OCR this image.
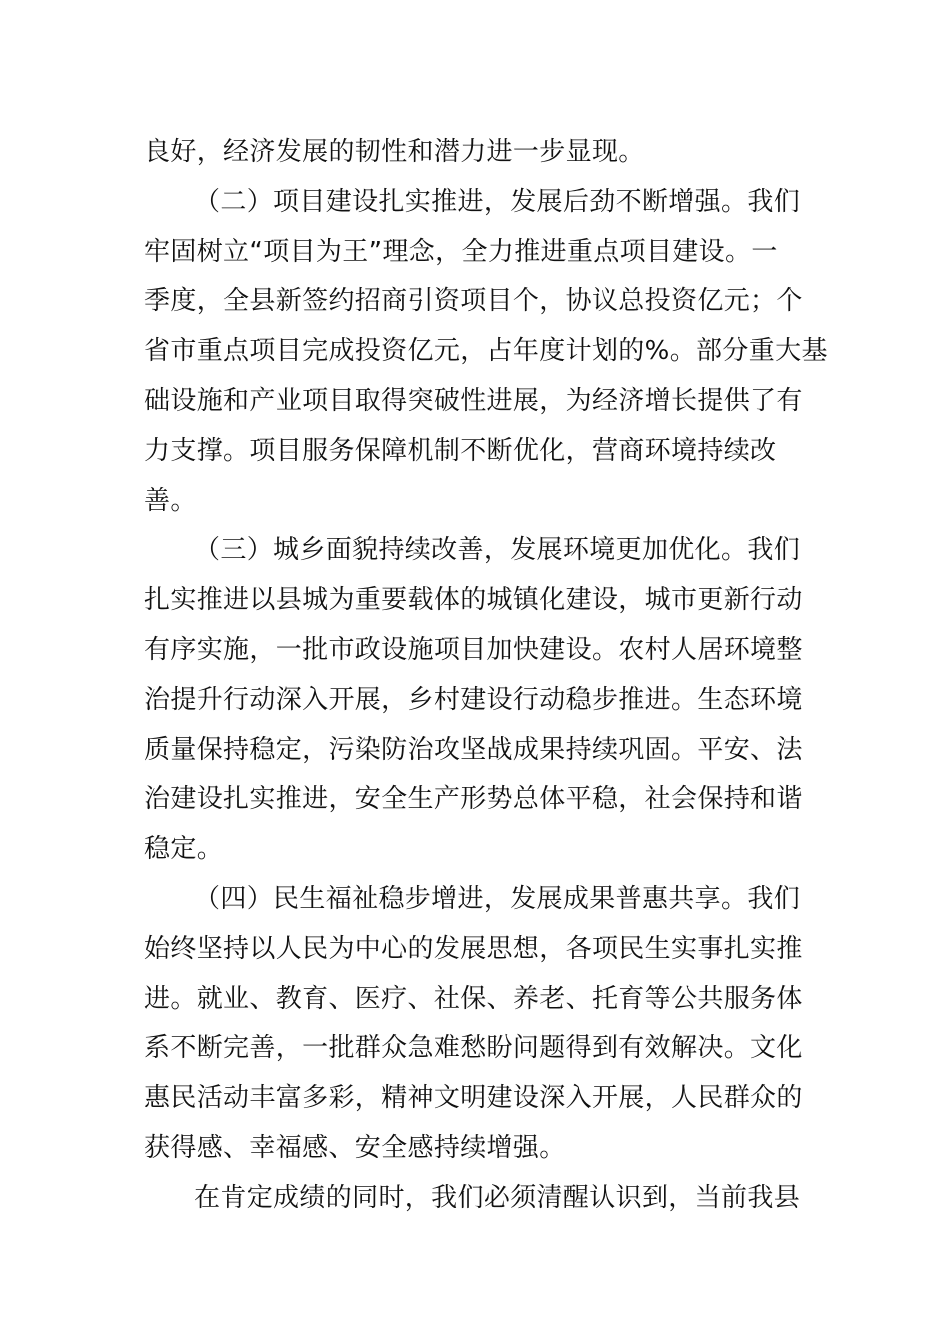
良好，经济发展的韧性和潜力进一步显现。
（二）项目建设扎实推进，发展后劲不断增强。我们
牢固树立“项目为王”理念，全力推进重点项目建设。一
季度，全县新签约招商引资项目个，协议总投资亿元；个
省市重点项目完成投资亿元，占年度计划的%。部分重大基
础设施和产业项目取得突破性进展，为经济增长提供了有
力支撑。项目服务保障机制不断优化，营商环境持续改
善。
（三）城乡面貌持续改善，发展环境更加优化。我们
扎实推进以县城为重要载体的城镇化建设，城市更新行动
有序实施，一批市政设施项目加快建设。农村人居环境整
治提升行动深入开展，乡村建设行动稳步推进。生态环境
质量保持稳定，污染防治攻坚战成果持续巩固。平安、法
治建设扎实推进，安全生产形势总体平稳，社会保持和谐
稳定。
（四）民生福祉稳步增进，发展成果普惠共享。我们
始终坚持以人民为中心的发展思想，各项民生实事扎实推
进。就业、教育、医疗、社保、养老、托育等公共服务体
系不断完善，一批群众急难愁盼问题得到有效解决。文化
惠民活动丰富多彩，精神文明建设深入开展，人民群众的
获得感、幸福感、安全感持续增强。
在肯定成绩的同时，我们必须清醒认识到，当前我县
